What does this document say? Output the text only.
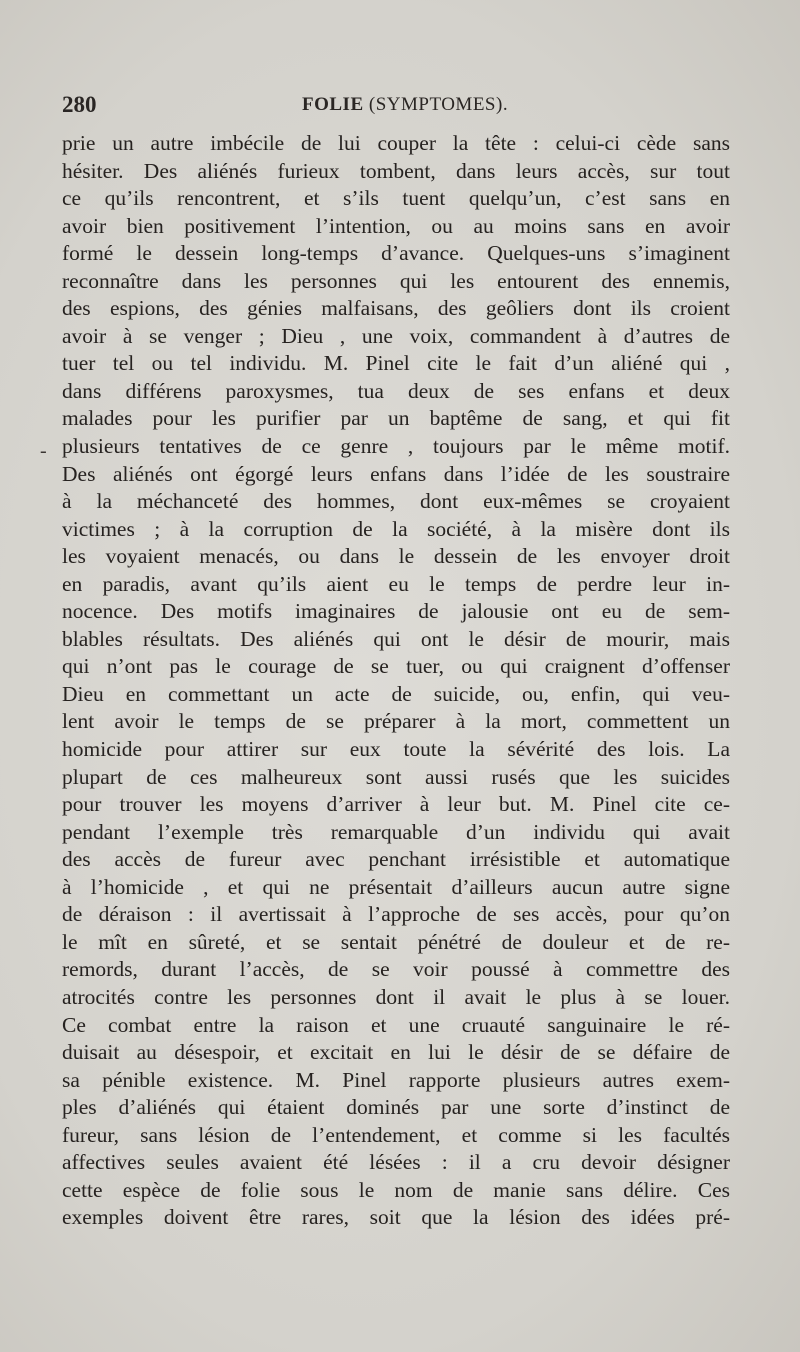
280	FOLIE (SYMPTOMES).
-
prie un autre imbécile de lui couper la tête : celui-ci cède sans
hésiter. Des aliénés furieux tombent, dans leurs accès, sur tout
ce qu’ils rencontrent, et s’ils tuent quelqu’un, c’est sans en
avoir bien positivement l’intention, ou au moins sans en avoir
formé le dessein long-temps d’avance. Quelques-uns s’imaginent
reconnaître dans les personnes qui les entourent des ennemis,
des espions, des génies malfaisans, des geôliers dont ils croient
avoir à se venger ; Dieu , une voix, commandent à d’autres de
tuer tel ou tel individu. M. Pinel cite le fait d’un aliéné qui ,
dans différens paroxysmes, tua deux de ses enfans et deux
malades pour les purifier par un baptême de sang, et qui fit
plusieurs tentatives de ce genre , toujours par le même motif.
Des aliénés ont égorgé leurs enfans dans l’idée de les soustraire
à la méchanceté des hommes, dont eux-mêmes se croyaient
victimes ; à la corruption de la société, à la misère dont ils
les voyaient menacés, ou dans le dessein de les envoyer droit
en paradis, avant qu’ils aient eu le temps de perdre leur in-
nocence. Des motifs imaginaires de jalousie ont eu de sem-
blables résultats. Des aliénés qui ont le désir de mourir, mais
qui n’ont pas le courage de se tuer, ou qui craignent d’offenser
Dieu en commettant un acte de suicide, ou, enfin, qui veu-
lent avoir le temps de se préparer à la mort, commettent un
homicide pour attirer sur eux toute la sévérité des lois. La
plupart de ces malheureux sont aussi rusés que les suicides
pour trouver les moyens d’arriver à leur but. M. Pinel cite ce-
pendant l’exemple très remarquable d’un individu qui avait
des accès de fureur avec penchant irrésistible et automatique
à l’homicide , et qui ne présentait d’ailleurs aucun autre signe
de déraison : il avertissait à l’approche de ses accès, pour qu’on
le mît en sûreté, et se sentait pénétré de douleur et de re-
remords, durant l’accès, de se voir poussé à commettre des
atrocités contre les personnes dont il avait le plus à se louer.
Ce combat entre la raison et une cruauté sanguinaire le ré-
duisait au désespoir, et excitait en lui le désir de se défaire de
sa pénible existence. M. Pinel rapporte plusieurs autres exem-
ples d’aliénés qui étaient dominés par une sorte d’instinct de
fureur, sans lésion de l’entendement, et comme si les facultés
affectives seules avaient été lésées : il a cru devoir désigner
cette espèce de folie sous le nom de manie sans délire. Ces
exemples doivent être rares, soit que la lésion des idées pré-
